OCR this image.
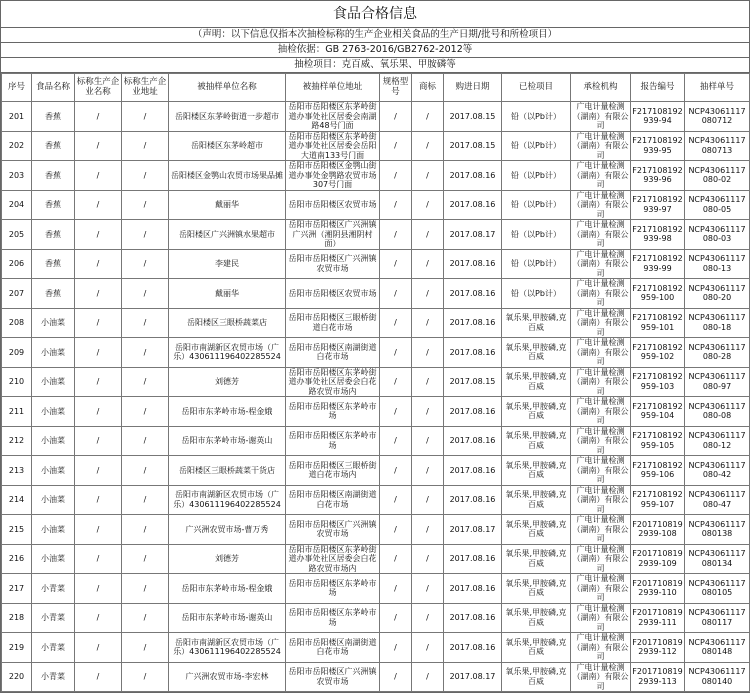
食品合格信息
（声明：以下信息仅指本次抽检标称的生产企业相关食品的生产日期/批号和所检项目）
抽检依据：GB 2763-2016/GB2762-2012等
抽检项目：克百威、氧乐果、甲胺磷等
序号	食品名称	标称生产企业名称	标称生产企业地址	被抽样单位名称	被抽样单位地址	规格型号	商标	购进日期	已检项目	承检机构	报告编号	抽样单号
201	香蕉	/	/	岳阳楼区东茅岭街道一步超市	岳阳市岳阳楼区东茅岭街道办事处社区居委会南湖路48号门面	/	/	2017.08.15	铅（以Pb计）	广电计量检测（湖南）有限公司	F217108192939-94	NCP43061117080712
202	香蕉	/	/	岳阳楼区东茅岭超市	岳阳市岳阳楼区东茅岭街道办事处社区居委会岳阳大道南133号门面	/	/	2017.08.15	铅（以Pb计）	广电计量检测（湖南）有限公司	F217108192939-95	NCP43061117080713
203	香蕉	/	/	岳阳楼区金鹗山农贸市场果品摊	岳阳市岳阳楼区金鹗山街道办事处金鹗路农贸市场307号门面	/	/	2017.08.16	铅（以Pb计）	广电计量检测（湖南）有限公司	F217108192939-96	NCP43061117080-02
204	香蕉	/	/	戴丽华	岳阳市岳阳楼区农贸市场	/	/	2017.08.16	铅（以Pb计）	广电计量检测（湖南）有限公司	F217108192939-97	NCP43061117080-05
205	香蕉	/	/	岳阳楼区广兴洲镇水果超市	岳阳市岳阳楼区广兴洲镇广兴洲（湘阴县湘阴村面）	/	/	2017.08.17	铅（以Pb计）	广电计量检测（湖南）有限公司	F217108192939-98	NCP43061117080-03
206	香蕉	/	/	李建民	岳阳市岳阳楼区广兴洲镇农贸市场	/	/	2017.08.16	铅（以Pb计）	广电计量检测（湖南）有限公司	F217108192939-99	NCP43061117080-13
207	香蕉	/	/	戴丽华	岳阳市岳阳楼区农贸市场	/	/	2017.08.16	铅（以Pb计）	广电计量检测（湖南）有限公司	F217108192959-100	NCP43061117080-20
208	小油菜	/	/	岳阳楼区三眼桥蔬菜店	岳阳市岳阳楼区三眼桥街道白花市场	/	/	2017.08.16	氧乐果,甲胺磷,克百威	广电计量检测（湖南）有限公司	F217108192959-101	NCP43061117080-18
209	小油菜	/	/	岳阳市南湖新区农贸市场（广乐）430611196402285524	岳阳市岳阳楼区南湖街道白花市场	/	/	2017.08.16	氧乐果,甲胺磷,克百威	广电计量检测（湖南）有限公司	F217108192959-102	NCP43061117080-28
210	小油菜	/	/	刘德芳	岳阳市岳阳楼区东茅岭街道办事处社区居委会白花路农贸市场内	/	/	2017.08.15	氧乐果,甲胺磷,克百威	广电计量检测（湖南）有限公司	F217108192959-103	NCP43061117080-97
211	小油菜	/	/	岳阳市东茅岭市场-程金娥	岳阳市岳阳楼区东茅岭市场	/	/	2017.08.16	氧乐果,甲胺磷,克百威	广电计量检测（湖南）有限公司	F217108192959-104	NCP43061117080-08
212	小油菜	/	/	岳阳市东茅岭市场-谢英山	岳阳市岳阳楼区东茅岭市场	/	/	2017.08.16	氧乐果,甲胺磷,克百威	广电计量检测（湖南）有限公司	F217108192959-105	NCP43061117080-12
213	小油菜	/	/	岳阳楼区三眼桥蔬菜干货店	岳阳市岳阳楼区三眼桥街道白花市场内	/	/	2017.08.16	氧乐果,甲胺磷,克百威	广电计量检测（湖南）有限公司	F217108192959-106	NCP43061117080-42
214	小油菜	/	/	岳阳市南湖新区农贸市场（广乐）430611196402285524	岳阳市岳阳楼区南湖街道白花市场	/	/	2017.08.16	氧乐果,甲胺磷,克百威	广电计量检测（湖南）有限公司	F217108192959-107	NCP43061117080-47
215	小油菜	/	/	广兴洲农贸市场-曹万秀	岳阳市岳阳楼区广兴洲镇农贸市场	/	/	2017.08.17	氧乐果,甲胺磷,克百威	广电计量检测（湖南）有限公司	F2017108192939-108	NCP43061117080138
216	小油菜	/	/	刘德芳	岳阳市岳阳楼区东茅岭街道办事处社区居委会白花路农贸市场内	/	/	2017.08.16	氧乐果,甲胺磷,克百威	广电计量检测（湖南）有限公司	F2017108192939-109	NCP43061117080134
217	小青菜	/	/	岳阳市东茅岭市场-程金娥	岳阳市岳阳楼区东茅岭市场	/	/	2017.08.16	氧乐果,甲胺磷,克百威	广电计量检测（湖南）有限公司	F2017108192939-110	NCP43061117080105
218	小青菜	/	/	岳阳市东茅岭市场-谢英山	岳阳市岳阳楼区东茅岭市场	/	/	2017.08.16	氧乐果,甲胺磷,克百威	广电计量检测（湖南）有限公司	F2017108192939-111	NCP43061117080117
219	小青菜	/	/	岳阳市南湖新区农贸市场（广乐）430611196402285524	岳阳市岳阳楼区南湖街道白花市场	/	/	2017.08.16	氧乐果,甲胺磷,克百威	广电计量检测（湖南）有限公司	F2017108192939-112	NCP43061117080148
220	小青菜	/	/	广兴洲农贸市场-李宏林	岳阳市岳阳楼区广兴洲镇农贸市场	/	/	2017.08.17	氧乐果,甲胺磷,克百威	广电计量检测（湖南）有限公司	F2017108192939-113	NCP43061117080140
